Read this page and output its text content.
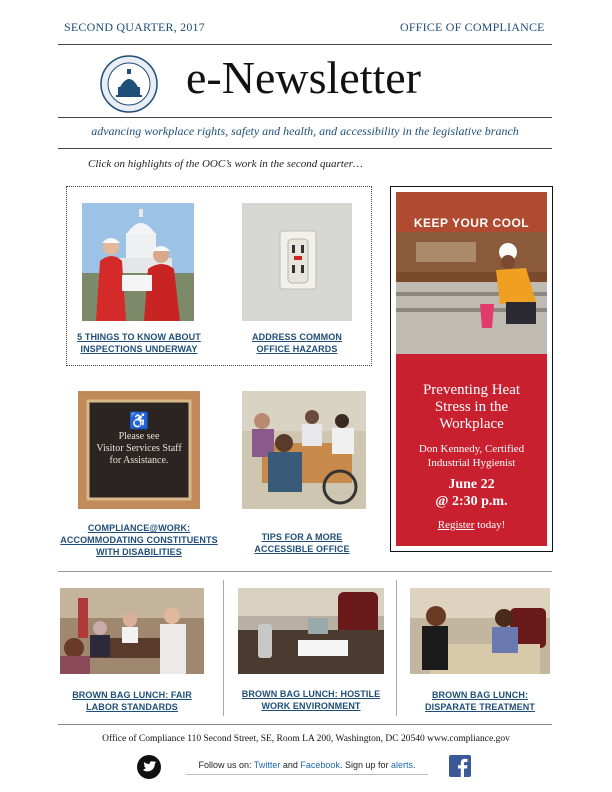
SECOND QUARTER, 2017	OFFICE OF COMPLIANCE
e-Newsletter
advancing workplace rights, safety and health, and accessibility in the legislative branch
Click on highlights of the OOC’s work in the second quarter…
5 THINGS TO KNOW ABOUT
INSPECTIONS UNDERWAY
ADDRESS COMMON
OFFICE HAZARDS
♿
Please see
Visitor Services Staff
for Assistance.
COMPLIANCE@WORK:
ACCOMMODATING CONSTITUENTS
WITH DISABILITIES
TIPS FOR A MORE
ACCESSIBLE OFFICE
KEEP YOUR COOL
Preventing Heat
Stress in the
Workplace
Don Kennedy, Certified
Industrial Hygienist
June 22
@ 2:30 p.m.
Register today!
BROWN BAG LUNCH: FAIR
LABOR STANDARDS
BROWN BAG LUNCH: HOSTILE
WORK ENVIRONMENT
BROWN BAG LUNCH:
DISPARATE TREATMENT
Office of Compliance 110 Second Street, SE, Room LA 200, Washington, DC 20540 www.compliance.gov
Follow us on: Twitter and Facebook. Sign up for alerts.
